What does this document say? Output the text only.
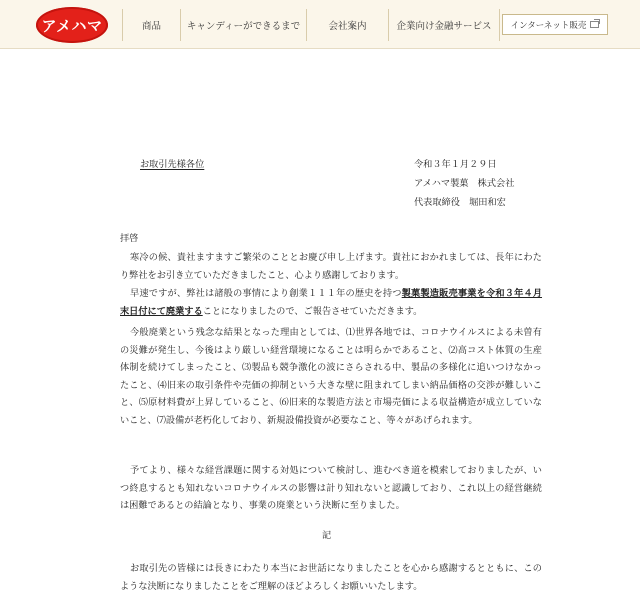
アメハマ	商品	キャンディーができるまで	会社案内	企業向け金融サービス	インターネット販売
お取引先様各位	令和３年１月２９日
アメハマ製菓　株式会社
代表取締役　堀田和宏
拝啓

寒冷の候、貴社ますますご繁栄のこととお慶び申し上げます。貴社におかれましては、長年にわたり弊社をお引き立ていただきましたこと、心より感謝しております。

早速ですが、弊社は諸般の事情により創業１１１年の歴史を持つ製菓製造販売事業を令和３年４月末日付にて廃業することになりましたので、ご報告させていただきます。

今般廃業という残念な結果となった理由としては、⑴世界各地では、コロナウイルスによる未曽有の災難が発生し、今後はより厳しい経営環境になることは明らかであること、⑵高コスト体質の生産体制を続けてしまったこと、⑶製品も競争激化の波にさらされる中、製品の多様化に追いつけなかったこと、⑷旧来の取引条件や売価の抑制という大きな壁に阻まれてしまい納品価格の交渉が難しいこと、⑸原材料費が上昇していること、⑹旧来的な製造方法と市場売価による収益構造が成立していないこと、⑺設備が老朽化しており、新規設備投資が必要なこと、等々があげられます。

予てより、様々な経営課題に関する対処について検討し、進むべき道を模索しておりましたが、いつ終息するとも知れないコロナウイルスの影響は計り知れないと認識しており、これ以上の経営継続は困難であるとの結論となり、事業の廃業という決断に至りました。

記

お取引先の皆様には長きにわたり本当にお世話になりましたことを心から感謝するとともに、このような決断になりましたことをご理解のほどよろしくお願いいたします。
